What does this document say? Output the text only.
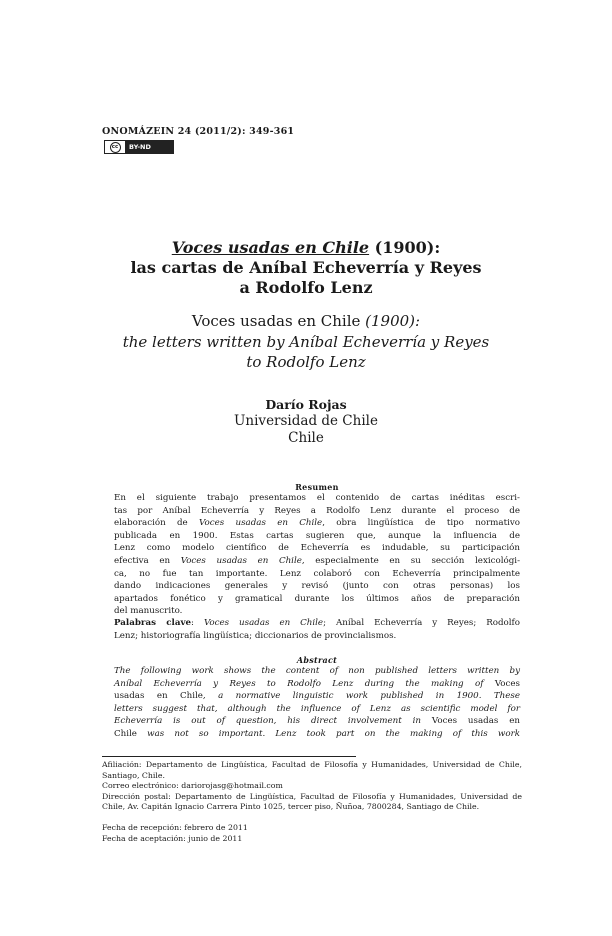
ONOMÁZEIN 24 (2011/2): 349-361
cc	BY-ND
Voces usadas en Chile (1900):
las cartas de Aníbal Echeverría y Reyes
a Rodolfo Lenz
Voces usadas en Chile (1900):
the letters written by Aníbal Echeverría y Reyes
to Rodolfo Lenz
Darío Rojas
Universidad de Chile
Chile
Resumen
En el siguiente trabajo presentamos el contenido de cartas inéditas escri-
tas por Aníbal Echeverría y Reyes a Rodolfo Lenz durante el proceso de
elaboración de Voces usadas en Chile, obra lingüística de tipo normativo
publicada en 1900. Estas cartas sugieren que, aunque la influencia de
Lenz como modelo científico de Echeverría es indudable, su participación
efectiva en Voces usadas en Chile, especialmente en su sección lexicológi-
ca, no fue tan importante. Lenz colaboró con Echeverría principalmente
dando indicaciones generales y revisó (junto con otras personas) los
apartados fonético y gramatical durante los últimos años de preparación
del manuscrito.
Palabras clave: Voces usadas en Chile; Aníbal Echeverría y Reyes; Rodolfo
Lenz; historiografía lingüística; diccionarios de provincialismos.
Abstract
The following work shows the content of non published letters written by
Aníbal Echeverría y Reyes to Rodolfo Lenz during the making of Voces
usadas en Chile, a normative linguistic work published in 1900. These
letters suggest that, although the influence of Lenz as scientific model for
Echeverría is out of question, his direct involvement in Voces usadas en
Chile was not so important. Lenz took part on the making of this work
Afiliación: Departamento de Lingüística, Facultad de Filosofía y Humanidades, Universidad de Chile,
Santiago, Chile.
Correo electrónico: dariorojasg@hotmail.com
Dirección postal: Departamento de Lingüística, Facultad de Filosofía y Humanidades, Universidad de
Chile, Av. Capitán Ignacio Carrera Pinto 1025, tercer piso, Ñuñoa, 7800284, Santiago de Chile.
Fecha de recepción: febrero de 2011
Fecha de aceptación: junio de 2011
